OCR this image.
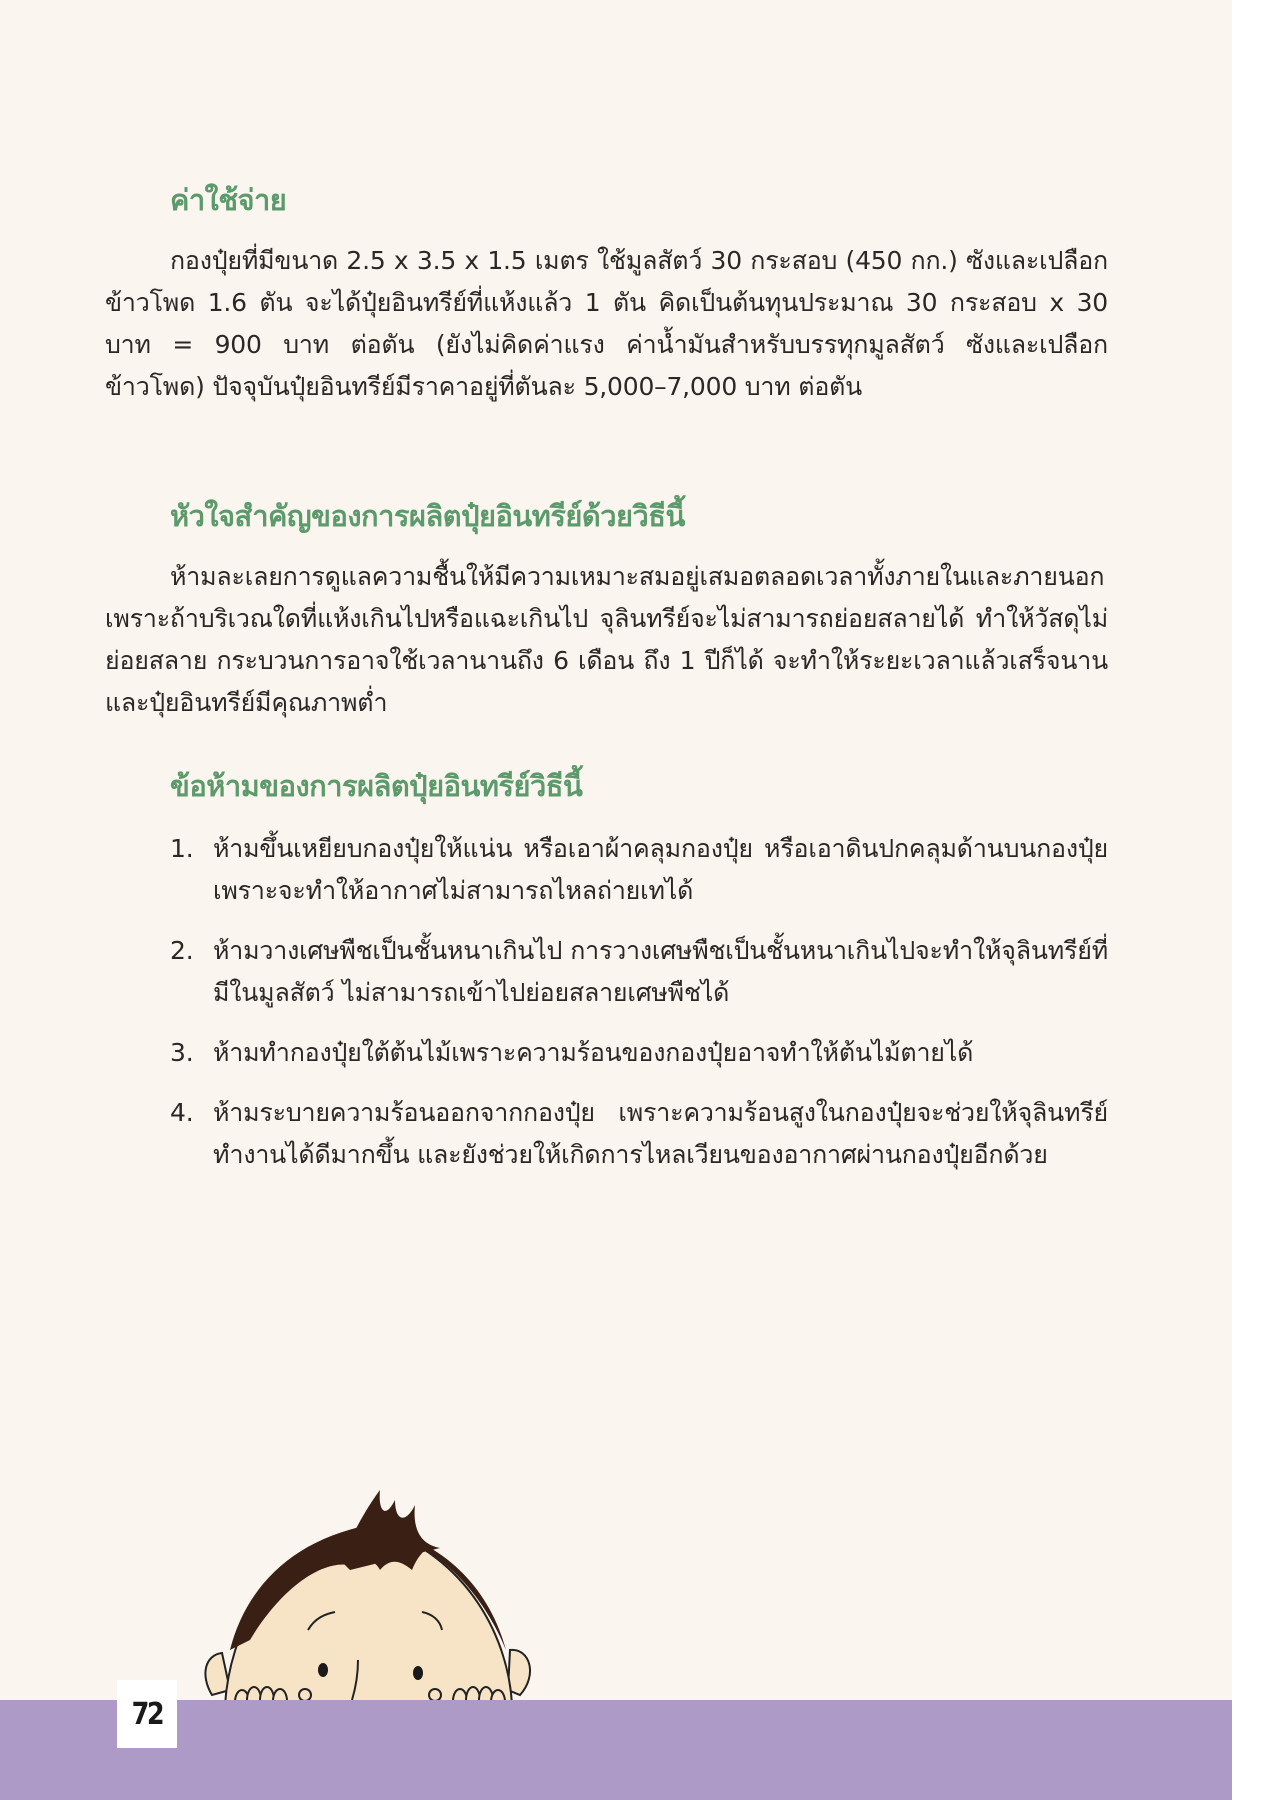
ค่าใช้จ่าย

กองปุ๋ยที่มีขนาด 2.5 x 3.5 x 1.5 เมตร ใช้มูลสัตว์ 30 กระสอบ (450 กก.) ซังและเปลือกข้าวโพด 1.6 ตัน จะได้ปุ๋ยอินทรีย์ที่แห้งแล้ว 1 ตัน คิดเป็นต้นทุนประมาณ 30 กระสอบ x 30 บาท = 900 บาท ต่อตัน (ยังไม่คิดค่าแรง ค่าน้ำมันสำหรับบรรทุกมูลสัตว์ ซังและเปลือกข้าวโพด) ปัจจุบันปุ๋ยอินทรีย์มีราคาอยู่ที่ตันละ 5,000–7,000 บาท ต่อตัน

หัวใจสำคัญของการผลิตปุ๋ยอินทรีย์ด้วยวิธีนี้

ห้ามละเลยการดูแลความชื้นให้มีความเหมาะสมอยู่เสมอตลอดเวลาทั้งภายในและภายนอก เพราะถ้าบริเวณใดที่แห้งเกินไปหรือแฉะเกินไป จุลินทรีย์จะไม่สามารถย่อยสลายได้ ทำให้วัสดุไม่ย่อยสลาย กระบวนการอาจใช้เวลานานถึง 6 เดือน ถึง 1 ปีก็ได้ จะทำให้ระยะเวลาแล้วเสร็จนาน และปุ๋ยอินทรีย์มีคุณภาพต่ำ

ข้อห้ามของการผลิตปุ๋ยอินทรีย์วิธีนี้
1. ห้ามขึ้นเหยียบกองปุ๋ยให้แน่น หรือเอาผ้าคลุมกองปุ๋ย หรือเอาดินปกคลุมด้านบนกองปุ๋ยเพราะจะทำให้อากาศไม่สามารถไหลถ่ายเทได้
2. ห้ามวางเศษพืชเป็นชั้นหนาเกินไป การวางเศษพืชเป็นชั้นหนาเกินไปจะทำให้จุลินทรีย์ที่มีในมูลสัตว์ ไม่สามารถเข้าไปย่อยสลายเศษพืชได้
3. ห้ามทำกองปุ๋ยใต้ต้นไม้เพราะความร้อนของกองปุ๋ยอาจทำให้ต้นไม้ตายได้
4. ห้ามระบายความร้อนออกจากกองปุ๋ย เพราะความร้อนสูงในกองปุ๋ยจะช่วยให้จุลินทรีย์ทำงานได้ดีมากขึ้น และยังช่วยให้เกิดการไหลเวียนของอากาศผ่านกองปุ๋ยอีกด้วย
72
